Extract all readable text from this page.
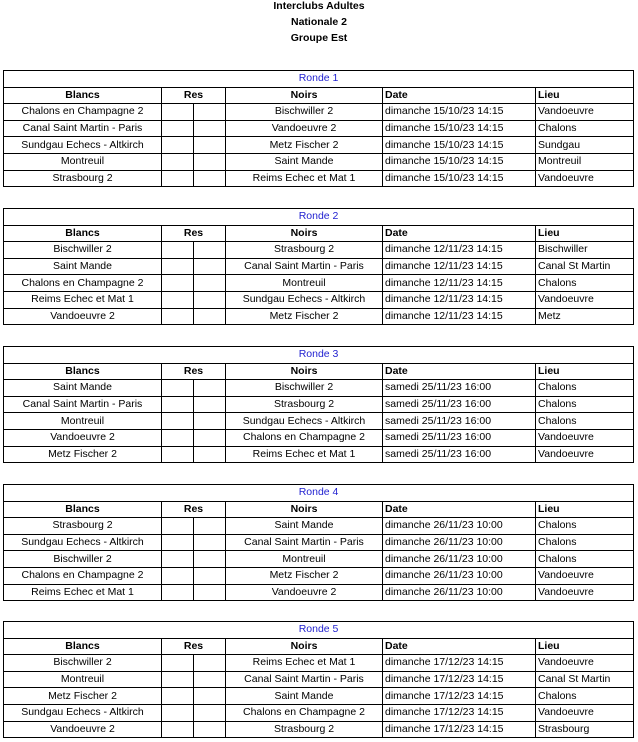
Interclubs Adultes
Nationale 2
Groupe Est
Ronde 1					
Blancs	Res		Noirs	Date	Lieu
Chalons en Champagne 2			Bischwiller 2	dimanche 15/10/23 14:15	Vandoeuvre
Canal Saint Martin - Paris			Vandoeuvre 2	dimanche 15/10/23 14:15	Chalons
Sundgau Echecs - Altkirch			Metz Fischer 2	dimanche 15/10/23 14:15	Sundgau
Montreuil			Saint Mande	dimanche 15/10/23 14:15	Montreuil
Strasbourg 2			Reims Echec et Mat 1	dimanche 15/10/23 14:15	Vandoeuvre
Ronde 2					
Blancs	Res		Noirs	Date	Lieu
Bischwiller 2			Strasbourg 2	dimanche 12/11/23 14:15	Bischwiller
Saint Mande			Canal Saint Martin - Paris	dimanche 12/11/23 14:15	Canal St Martin
Chalons en Champagne 2			Montreuil	dimanche 12/11/23 14:15	Chalons
Reims Echec et Mat 1			Sundgau Echecs - Altkirch	dimanche 12/11/23 14:15	Vandoeuvre
Vandoeuvre 2			Metz Fischer 2	dimanche 12/11/23 14:15	Metz
Ronde 3					
Blancs	Res		Noirs	Date	Lieu
Saint Mande			Bischwiller 2	samedi 25/11/23 16:00	Chalons
Canal Saint Martin - Paris			Strasbourg 2	samedi 25/11/23 16:00	Chalons
Montreuil			Sundgau Echecs - Altkirch	samedi 25/11/23 16:00	Chalons
Vandoeuvre 2			Chalons en Champagne 2	samedi 25/11/23 16:00	Vandoeuvre
Metz Fischer 2			Reims Echec et Mat 1	samedi 25/11/23 16:00	Vandoeuvre
Ronde 4					
Blancs	Res		Noirs	Date	Lieu
Strasbourg 2			Saint Mande	dimanche 26/11/23 10:00	Chalons
Sundgau Echecs - Altkirch			Canal Saint Martin - Paris	dimanche 26/11/23 10:00	Chalons
Bischwiller 2			Montreuil	dimanche 26/11/23 10:00	Chalons
Chalons en Champagne 2			Metz Fischer 2	dimanche 26/11/23 10:00	Vandoeuvre
Reims Echec et Mat 1			Vandoeuvre 2	dimanche 26/11/23 10:00	Vandoeuvre
Ronde 5					
Blancs	Res		Noirs	Date	Lieu
Bischwiller 2			Reims Echec et Mat 1	dimanche 17/12/23 14:15	Vandoeuvre
Montreuil			Canal Saint Martin - Paris	dimanche 17/12/23 14:15	Canal St Martin
Metz Fischer 2			Saint Mande	dimanche 17/12/23 14:15	Chalons
Sundgau Echecs - Altkirch			Chalons en Champagne 2	dimanche 17/12/23 14:15	Vandoeuvre
Vandoeuvre 2			Strasbourg 2	dimanche 17/12/23 14:15	Strasbourg
